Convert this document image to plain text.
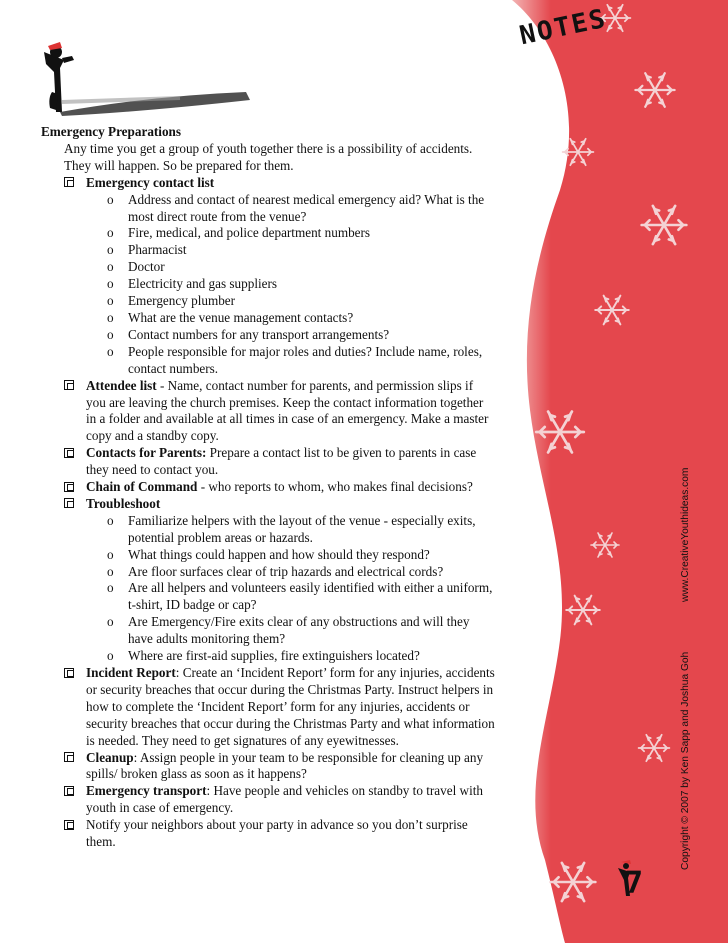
NOTES
7
www.CreativeYouthideas.com
Copyright © 2007 by Ken Sapp and Joshua Goh
Emergency Preparations
Any time you get a group of youth together there is a possibility of accidents. They will happen. So be prepared for them.
Emergency contact list
o Address and contact of nearest medical emergency aid? What is the most direct route from the venue?
o Fire, medical, and police department numbers
o Pharmacist
o Doctor
o Electricity and gas suppliers
o Emergency plumber
o What are the venue management contacts?
o Contact numbers for any transport arrangements?
o People responsible for major roles and duties? Include name, roles, contact numbers.
Attendee list - Name, contact number for parents, and permission slips if you are leaving the church premises. Keep the contact information together in a folder and available at all times in case of an emergency. Make a master copy and a standby copy.
Contacts for Parents: Prepare a contact list to be given to parents in case they need to contact you.
Chain of Command - who reports to whom, who makes final decisions?
Troubleshoot
o Familiarize helpers with the layout of the venue - especially exits, potential problem areas or hazards.
o What things could happen and how should they respond?
o Are floor surfaces clear of trip hazards and electrical cords?
o Are all helpers and volunteers easily identified with either a uniform, t-shirt, ID badge or cap?
o Are Emergency/Fire exits clear of any obstructions and will they have adults monitoring them?
o Where are first-aid supplies, fire extinguishers located?
Incident Report: Create an ‘Incident Report’ form for any injuries, accidents or security breaches that occur during the Christmas Party. Instruct helpers in how to complete the ‘Incident Report’ form for any injuries, accidents or security breaches that occur during the Christmas Party and what information is needed. They need to get signatures of any eyewitnesses.
Cleanup: Assign people in your team to be responsible for cleaning up any spills/ broken glass as soon as it happens?
Emergency transport: Have people and vehicles on standby to travel with youth in case of emergency.
Notify your neighbors about your party in advance so you don’t surprise them.
